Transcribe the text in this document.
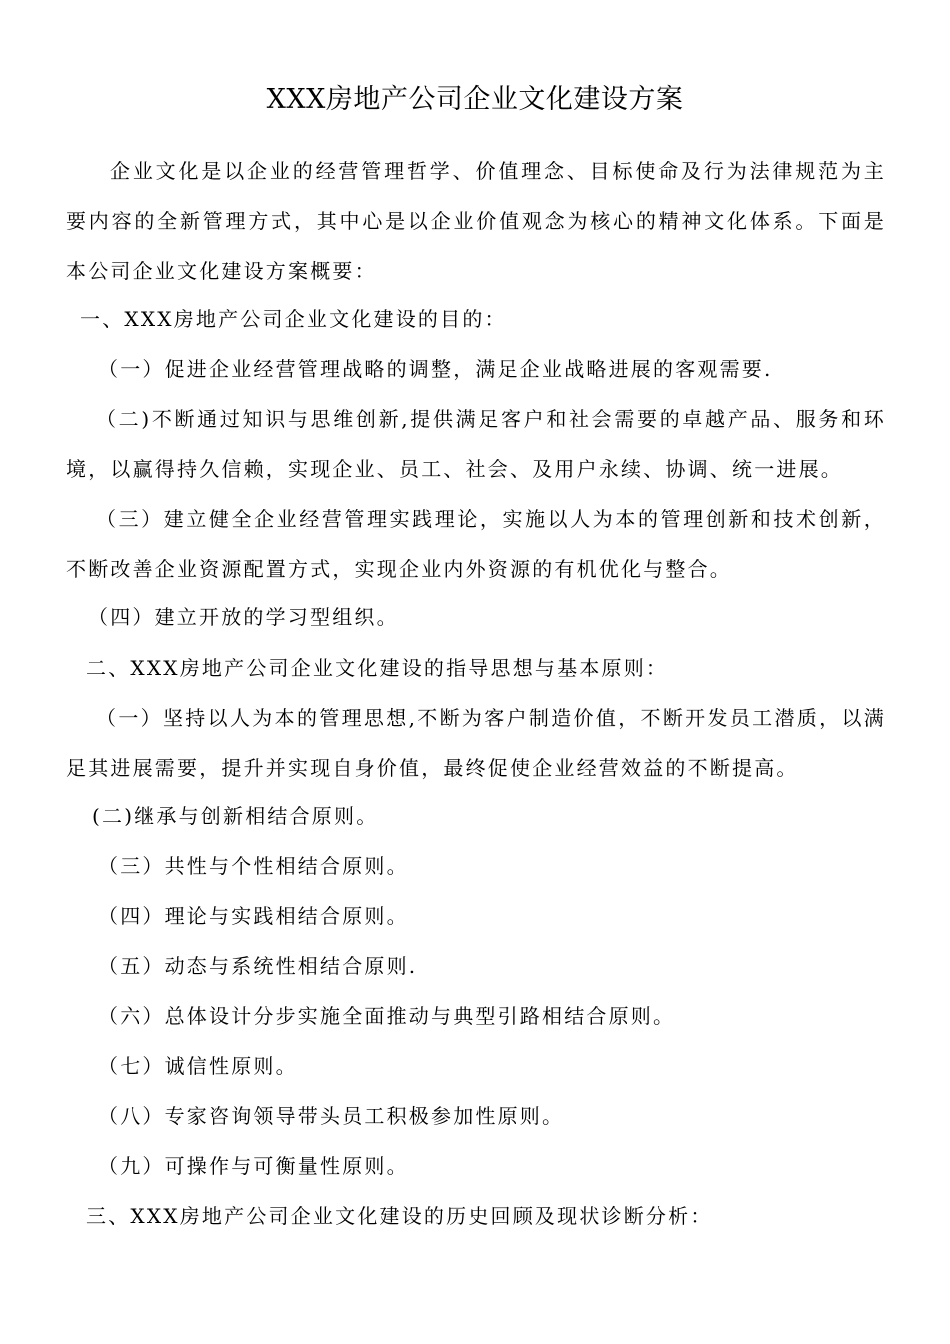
XXX房地产公司企业文化建设方案
企业文化是以企业的经营管理哲学、价值理念、目标使命及行为法律规范为主要内容的全新管理方式，其中心是以企业价值观念为核心的精神文化体系。下面是本公司企业文化建设方案概要：
一、XXX房地产公司企业文化建设的目的：
（一）促进企业经营管理战略的调整，满足企业战略进展的客观需要.
（二)不断通过知识与思维创新,提供满足客户和社会需要的卓越产品、服务和环境，以赢得持久信赖，实现企业、员工、社会、及用户永续、协调、统一进展。
（三）建立健全企业经营管理实践理论，实施以人为本的管理创新和技术创新，不断改善企业资源配置方式，实现企业内外资源的有机优化与整合。
（四）建立开放的学习型组织。
二、XXX房地产公司企业文化建设的指导思想与基本原则：
（一）坚持以人为本的管理思想,不断为客户制造价值，不断开发员工潜质，以满足其进展需要，提升并实现自身价值，最终促使企业经营效益的不断提高。
(二)继承与创新相结合原则。
（三）共性与个性相结合原则。
（四）理论与实践相结合原则。
（五）动态与系统性相结合原则.
（六）总体设计分步实施全面推动与典型引路相结合原则。
（七）诚信性原则。
（八）专家咨询领导带头员工积极参加性原则。
（九）可操作与可衡量性原则。
三、XXX房地产公司企业文化建设的历史回顾及现状诊断分析：
